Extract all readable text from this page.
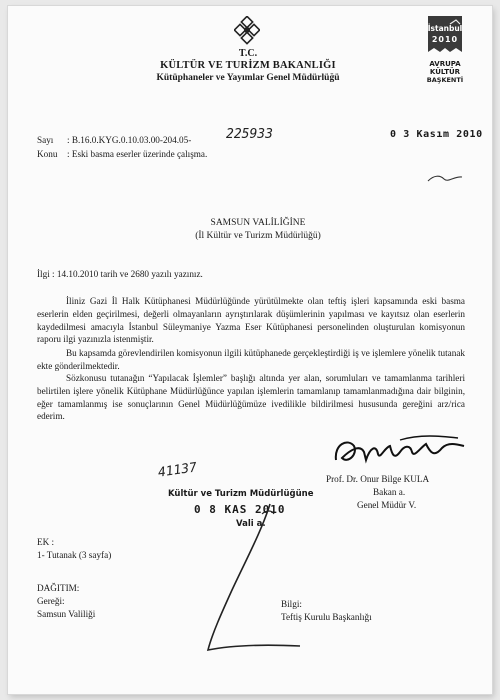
T.C.
KÜLTÜR VE TURİZM BAKANLIĞI
Kütüphaneler ve Yayımlar Genel Müdürlüğü
İstanbul
2010
AVRUPA
KÜLTÜR
BAŞKENTİ
Sayı : B.16.0.KYG.0.10.03.00-204.05-	225933	0 3 Kasım 2010
Konu : Eski basma eserler üzerinde çalışma.
SAMSUN VALİLİĞİNE
(İl Kültür ve Turizm Müdürlüğü)
İlgi : 14.10.2010 tarih ve 2680 yazılı yazınız.
İliniz Gazi İl Halk Kütüphanesi Müdürlüğünde yürütülmekte olan teftiş işleri kapsamında eski basma eserlerin elden geçirilmesi, değerli olmayanların ayrıştırılarak düşümlerinin yapılması ve kayıtsız olan eserlerin kaydedilmesi amacıyla İstanbul Süleymaniye Yazma Eser Kütüphanesi personelinden oluşturulan komisyonun raporu ilgi yazınızla istenmiştir.
Bu kapsamda görevlendirilen komisyonun ilgili kütüphanede gerçekleştirdiği iş ve işlemlere yönelik tutanak ekte gönderilmektedir.
Sözkonusu tutanağın “Yapılacak İşlemler” başlığı altında yer alan, sorumluları ve tamamlanma tarihleri belirtilen işlere yönelik Kütüphane Müdürlüğünce yapılan işlemlerin tamamlanıp tamamlanmadığına dair bilginin, eğer tamamlanmış ise sonuçlarının Genel Müdürlüğümüze ivedilikle bildirilmesi hususunda gereğini arz/rica ederim.
Prof. Dr. Onur Bilge KULA
Bakan a.
Genel Müdür V.
41137
Kültür ve Turizm Müdürlüğüne
0 8 KAS 2010
Vali a.
EK :
1- Tutanak (3 sayfa)
DAĞITIM:
Gereği:
Samsun Valiliği
Bilgi:
Teftiş Kurulu Başkanlığı
